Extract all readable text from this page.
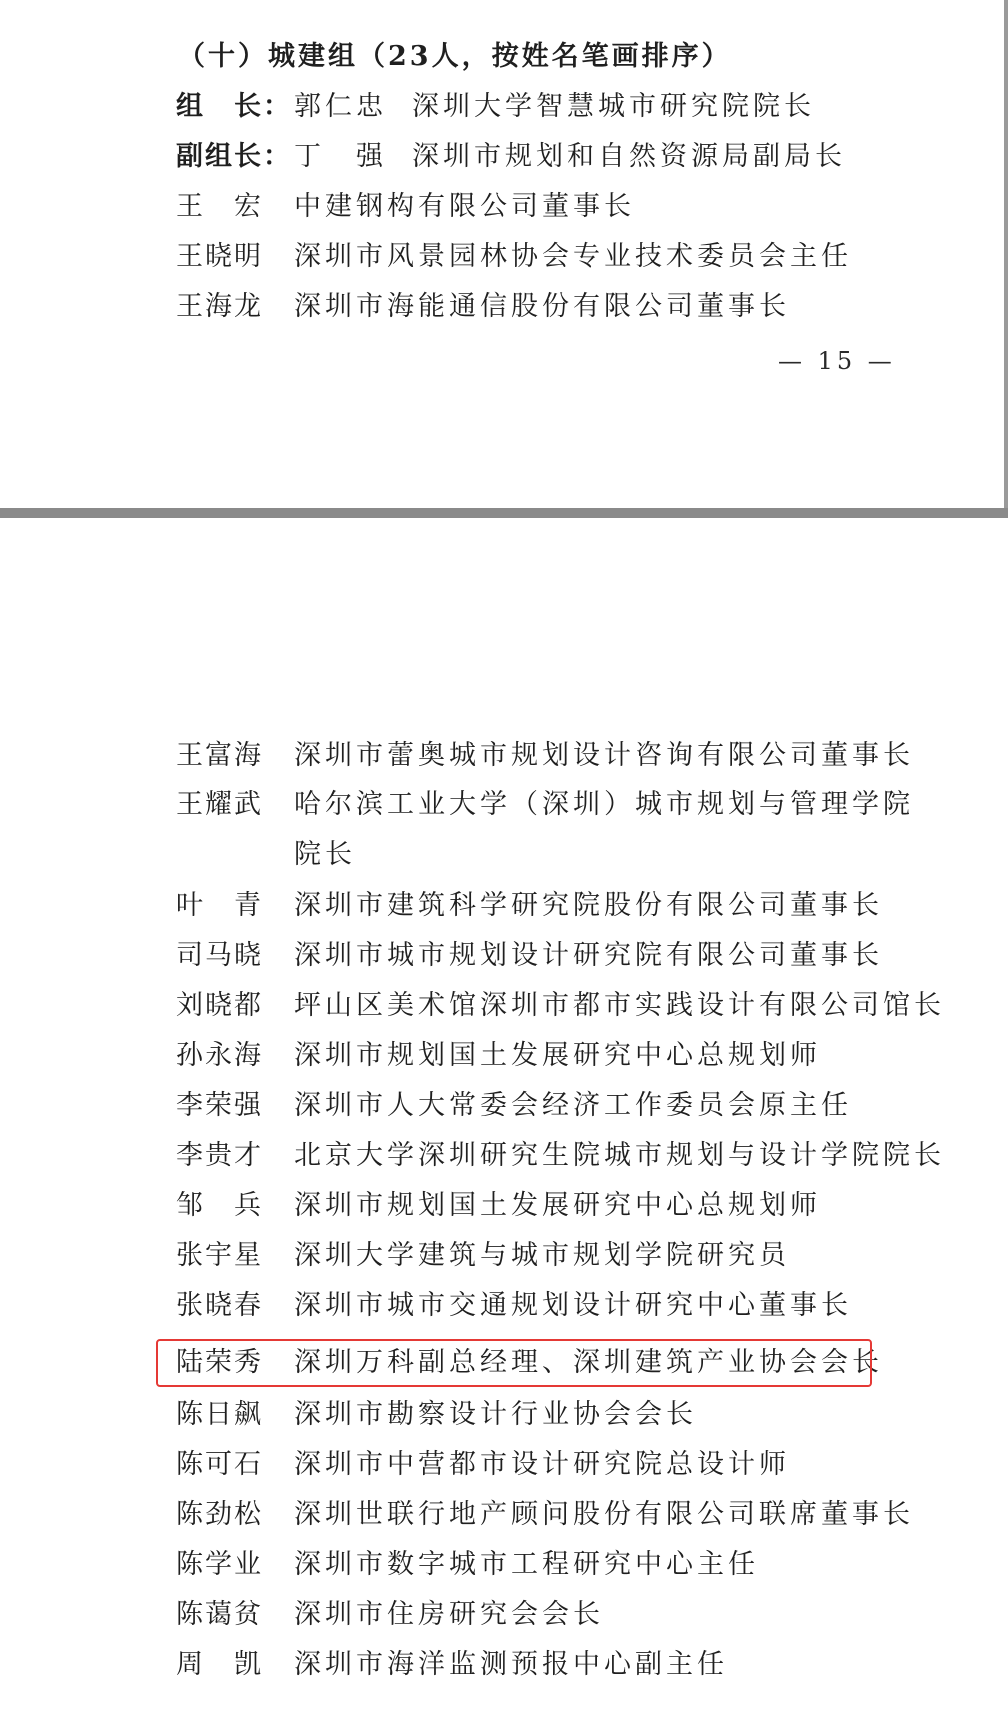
（十）城建组（23人，按姓名笔画排序）
组　长： 郭仁忠 深圳大学智慧城市研究院院长
副组长： 丁　强 深圳市规划和自然资源局副局长
王　宏 中建钢构有限公司董事长
王晓明 深圳市风景园林协会专业技术委员会主任
王海龙 深圳市海能通信股份有限公司董事长
— 15 —
王富海 深圳市蕾奥城市规划设计咨询有限公司董事长
王耀武 哈尔滨工业大学（深圳）城市规划与管理学院
院长
叶　青 深圳市建筑科学研究院股份有限公司董事长
司马晓 深圳市城市规划设计研究院有限公司董事长
刘晓都 坪山区美术馆深圳市都市实践设计有限公司馆长
孙永海 深圳市规划国土发展研究中心总规划师
李荣强 深圳市人大常委会经济工作委员会原主任
李贵才 北京大学深圳研究生院城市规划与设计学院院长
邹　兵 深圳市规划国土发展研究中心总规划师
张宇星 深圳大学建筑与城市规划学院研究员
张晓春 深圳市城市交通规划设计研究中心董事长
陆荣秀 深圳万科副总经理、深圳建筑产业协会会长
陈日飙 深圳市勘察设计行业协会会长
陈可石 深圳市中营都市设计研究院总设计师
陈劲松 深圳世联行地产顾问股份有限公司联席董事长
陈学业 深圳市数字城市工程研究中心主任
陈蔼贫 深圳市住房研究会会长
周　凯 深圳市海洋监测预报中心副主任
